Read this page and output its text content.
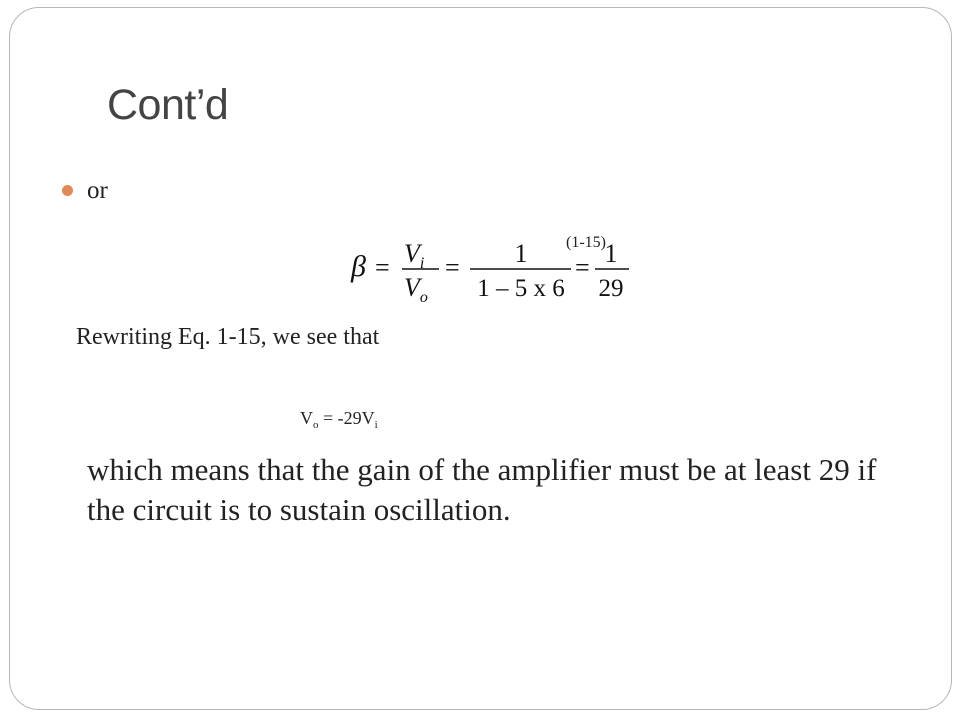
Cont’d
or
$\beta = V_i$
$V_o$
= 1
1 – 5 x 6
= 1
29
(1-15)
Rewriting Eq. 1-15, we see that
$V_o = -29V_i$

which means that the gain of the amplifier must be at least 29 if the circuit is to sustain oscillation.
